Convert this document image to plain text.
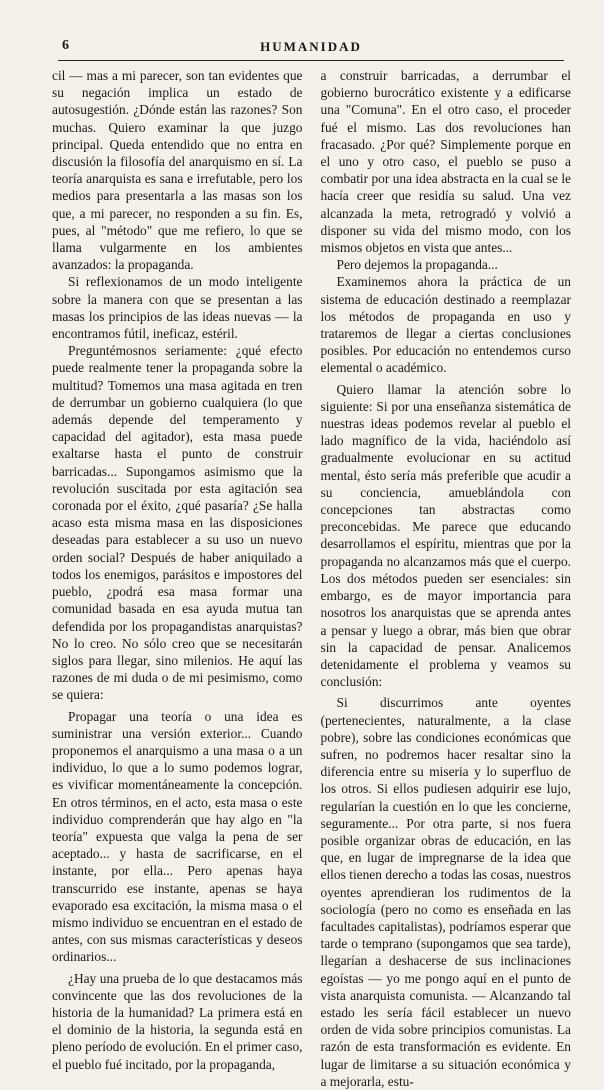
6	HUMANIDAD

cil — mas a mi parecer, son tan evidentes que su negación implica un estado de autosugestión. ¿Dónde están las razones? Son muchas. Quiero examinar la que juzgo principal. Queda entendido que no entra en discusión la filosofía del anarquismo en sí. La teoría anarquista es sana e irrefutable, pero los medios para presentarla a las masas son los que, a mi parecer, no responden a su fin. Es, pues, al "método" que me refiero, lo que se llama vulgarmente en los ambientes avanzados: la propaganda.

Si reflexionamos de un modo inteligente sobre la manera con que se presentan a las masas los principios de las ideas nuevas — la encontramos fútil, ineficaz, estéril.

Preguntémosnos seriamente: ¿qué efecto puede realmente tener la propaganda sobre la multitud? Tomemos una masa agitada en tren de derrumbar un gobierno cualquiera (lo que además depende del temperamento y capacidad del agitador), esta masa puede exaltarse hasta el punto de construir barricadas... Supongamos asimismo que la revolución suscitada por esta agitación sea coronada por el éxito, ¿qué pasaría? ¿Se halla acaso esta misma masa en las disposiciones deseadas para establecer a su uso un nuevo orden social? Después de haber aniquilado a todos los enemigos, parásitos e impostores del pueblo, ¿podrá esa masa formar una comunidad basada en esa ayuda mutua tan defendida por los propagandistas anarquistas? No lo creo. No sólo creo que se necesitarán siglos para llegar, sino milenios. He aquí las razones de mi duda o de mi pesimismo, como se quiera:

Propagar una teoría o una idea es suministrar una versión exterior... Cuando proponemos el anarquismo a una masa o a un individuo, lo que a lo sumo podemos lograr, es vivificar momentáneamente la concepción. En otros términos, en el acto, esta masa o este individuo comprenderán que hay algo en "la teoría" expuesta que valga la pena de ser aceptado... y hasta de sacrificarse, en el instante, por ella... Pero apenas haya transcurrido ese instante, apenas se haya evaporado esa excitación, la misma masa o el mismo individuo se encuentran en el estado de antes, con sus mismas características y deseos ordinarios...

¿Hay una prueba de lo que destacamos más convincente que las dos revoluciones de la historia de la humanidad? La primera está en el dominio de la historia, la segunda está en pleno período de evolución. En el primer caso, el pueblo fué incitado, por la propaganda,

a construir barricadas, a derrumbar el gobierno burocrático existente y a edificarse una "Comuna". En el otro caso, el proceder fué el mismo. Las dos revoluciones han fracasado. ¿Por qué? Simplemente porque en el uno y otro caso, el pueblo se puso a combatir por una idea abstracta en la cual se le hacía creer que residía su salud. Una vez alcanzada la meta, retrogradó y volvió a disponer su vida del mismo modo, con los mismos objetos en vista que antes...

Pero dejemos la propaganda...

Examinemos ahora la práctica de un sistema de educación destinado a reemplazar los métodos de propaganda en uso y trataremos de llegar a ciertas conclusiones posibles. Por educación no entendemos curso elemental o académico.

Quiero llamar la atención sobre lo siguiente: Si por una enseñanza sistemática de nuestras ideas podemos revelar al pueblo el lado magnífico de la vida, haciéndolo así gradualmente evolucionar en su actitud mental, ésto sería más preferible que acudir a su conciencia, amueblándola con concepciones tan abstractas como preconcebidas. Me parece que educando desarrollamos el espíritu, mientras que por la propaganda no alcanzamos más que el cuerpo. Los dos métodos pueden ser esenciales: sin embargo, es de mayor importancia para nosotros los anarquistas que se aprenda antes a pensar y luego a obrar, más bien que obrar sin la capacidad de pensar. Analicemos detenidamente el problema y veamos su conclusión:

Si discurrimos ante oyentes (pertenecientes, naturalmente, a la clase pobre), sobre las condiciones económicas que sufren, no podremos hacer resaltar sino la diferencia entre su miseria y lo superfluo de los otros. Si ellos pudiesen adquirir ese lujo, regularían la cuestión en lo que les concierne, seguramente... Por otra parte, si nos fuera posible organizar obras de educación, en las que, en lugar de impregnarse de la idea que ellos tienen derecho a todas las cosas, nuestros oyentes aprendieran los rudimentos de la sociología (pero no como es enseñada en las facultades capitalistas), podríamos esperar que tarde o temprano (supongamos que sea tarde), llegarían a deshacerse de sus inclinaciones egoístas — yo me pongo aquí en el punto de vista anarquista comunista. — Alcanzando tal estado les sería fácil establecer un nuevo orden de vida sobre principios comunistas. La razón de esta transformación es evidente. En lugar de limitarse a su situación económica y a mejorarla, estu-
